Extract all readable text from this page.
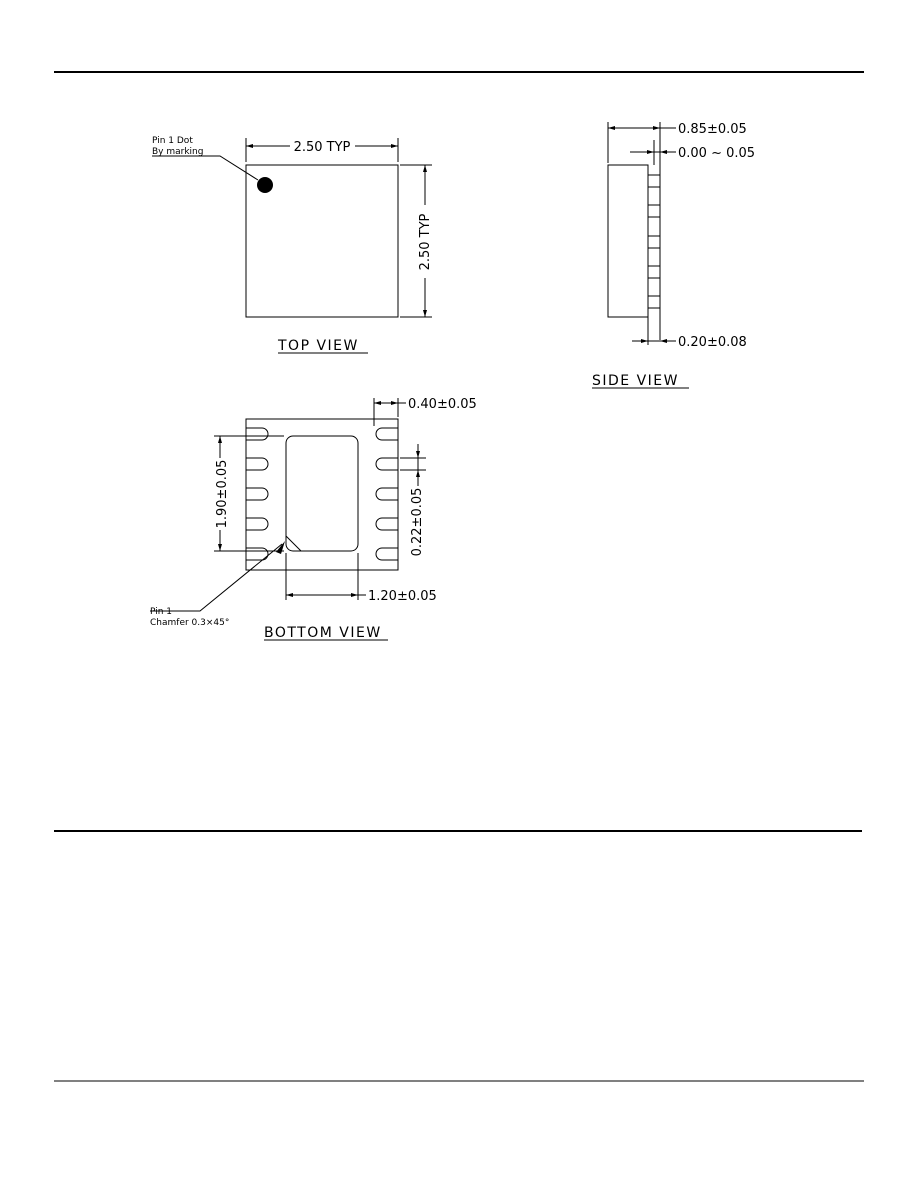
2.50 TYP
2.50 TYP
Pin 1 Dot
By marking
TOP VIEW
0.85±0.05
0.00 ~ 0.05
0.20±0.08
SIDE VIEW
0.40±0.05
1.90±0.05	0.22±0.05
1.20±0.05
Pin 1
Chamfer 0.3×45°
BOTTOM VIEW
